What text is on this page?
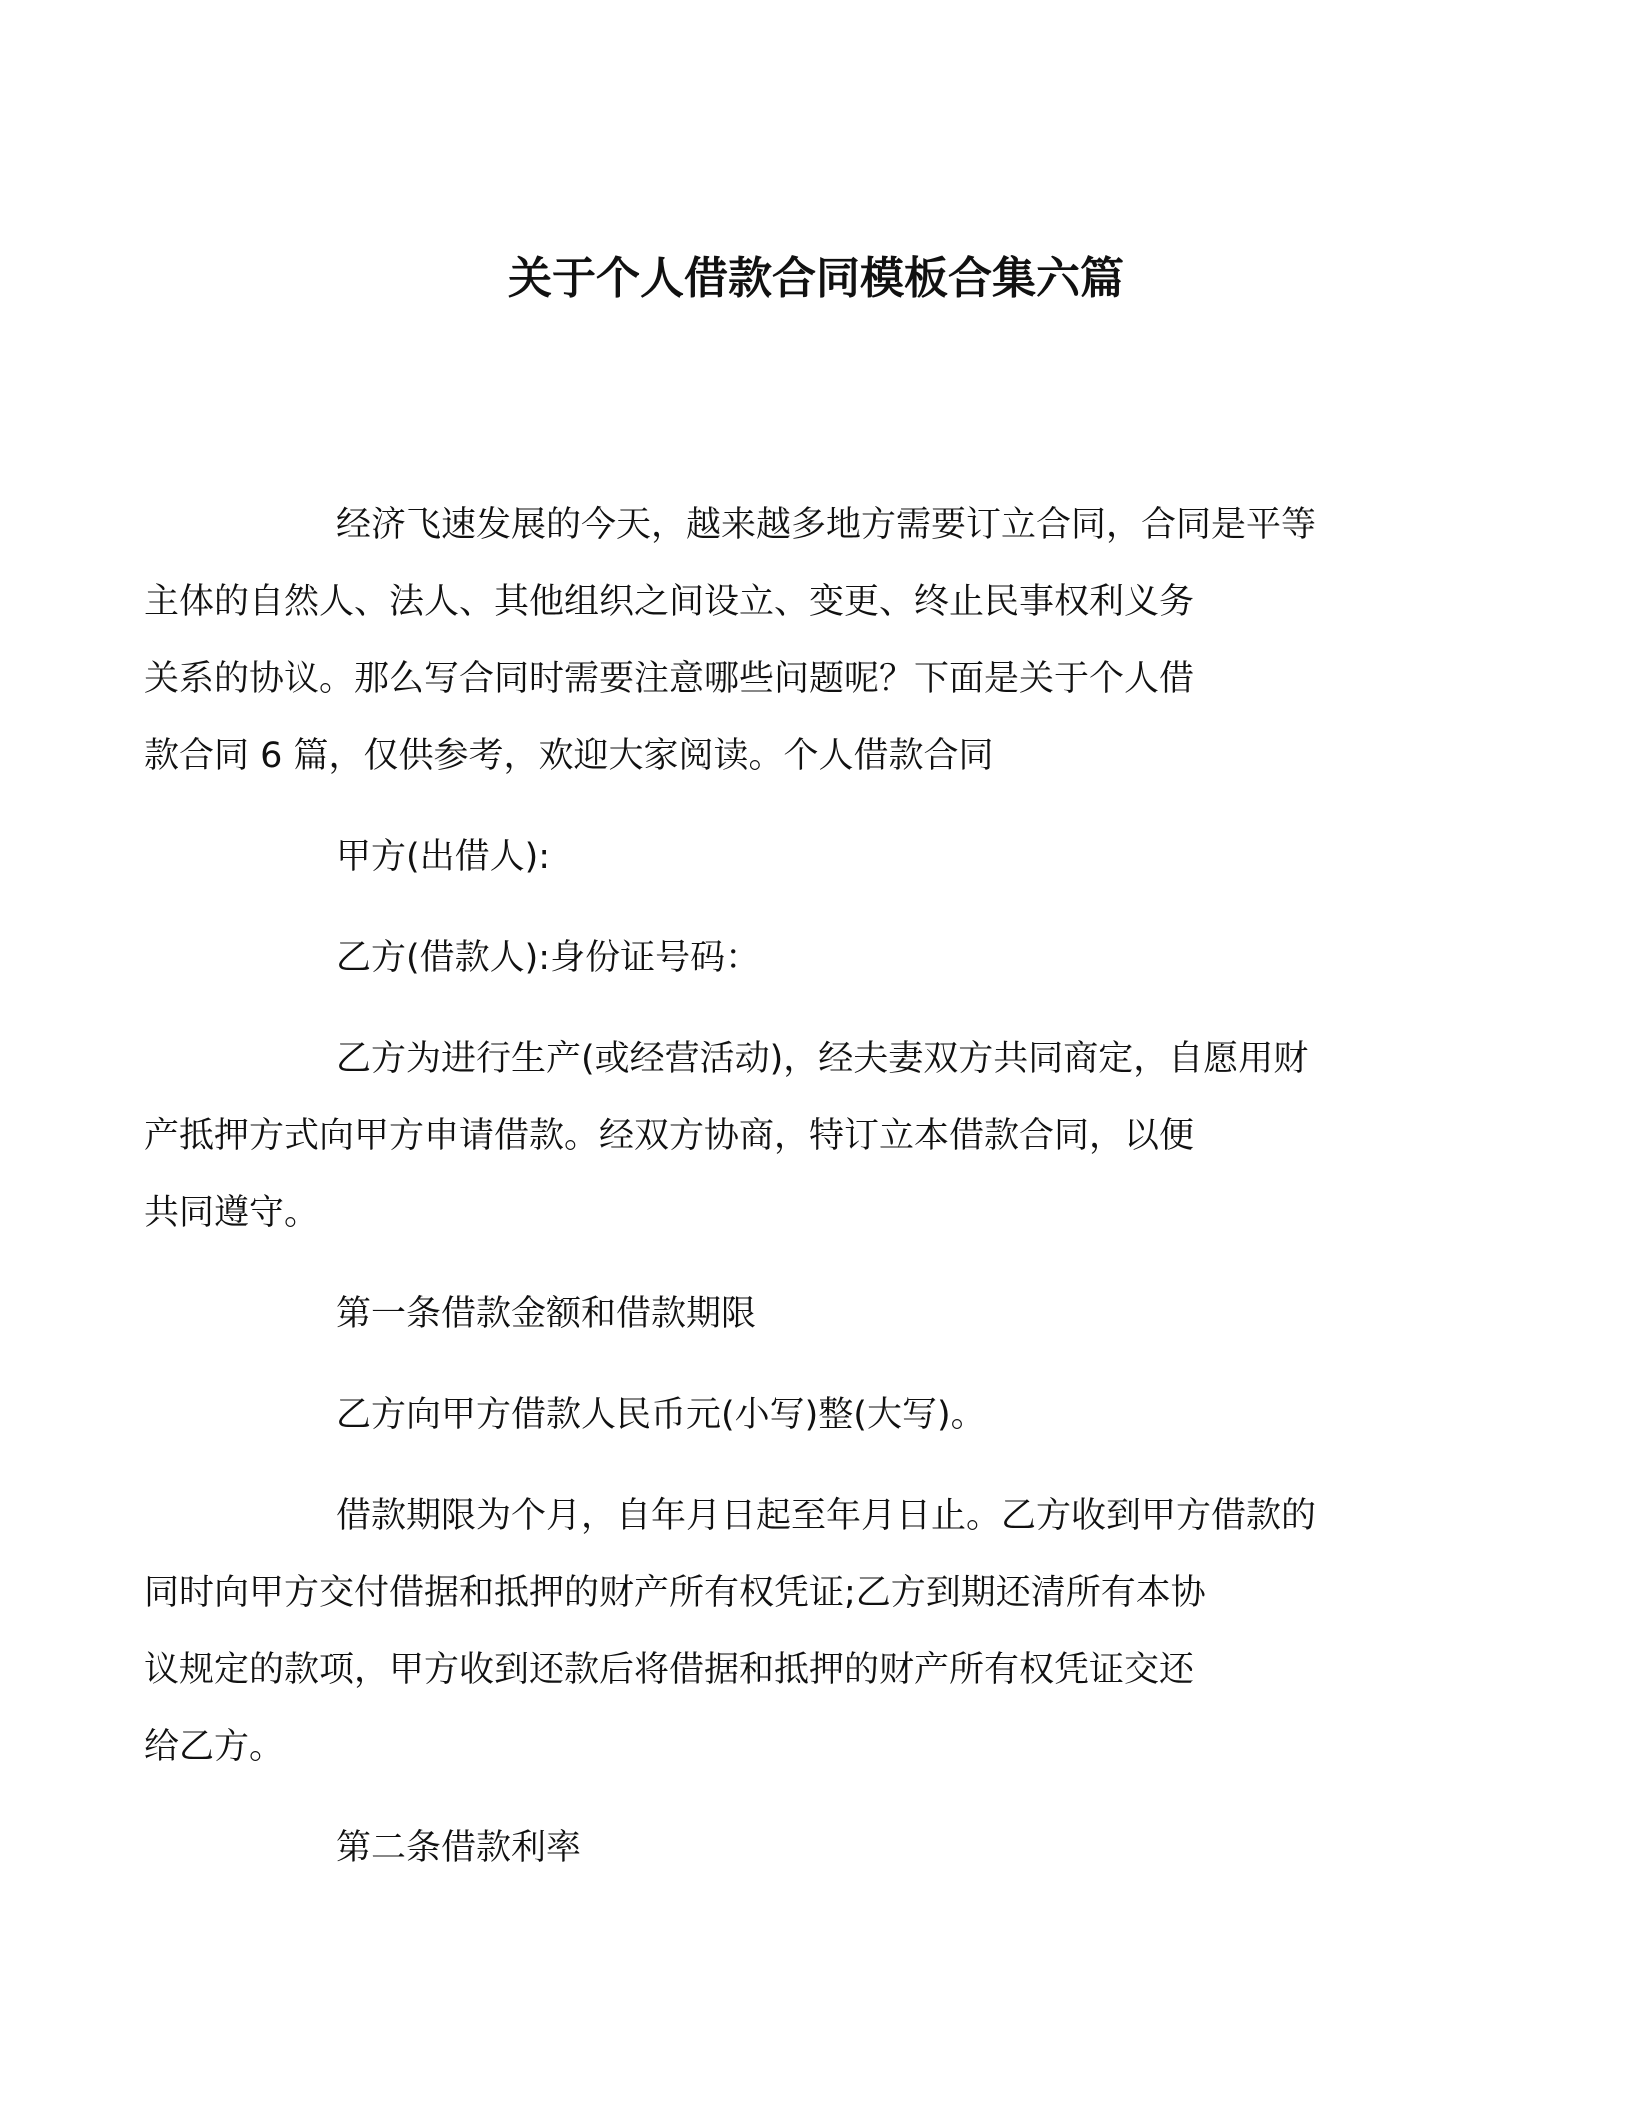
关于个人借款合同模板合集六篇

经济飞速发展的今天，越来越多地方需要订立合同，合同是平等
主体的自然人、法人、其他组织之间设立、变更、终止民事权利义务
关系的协议。那么写合同时需要注意哪些问题呢？下面是关于个人借
款合同 6 篇，仅供参考，欢迎大家阅读。个人借款合同

甲方(出借人):

乙方(借款人):身份证号码：

乙方为进行生产(或经营活动)，经夫妻双方共同商定，自愿用财
产抵押方式向甲方申请借款。经双方协商，特订立本借款合同，以便
共同遵守。

第一条借款金额和借款期限

乙方向甲方借款人民币元(小写)整(大写)。

借款期限为个月，自年月日起至年月日止。乙方收到甲方借款的
同时向甲方交付借据和抵押的财产所有权凭证;乙方到期还清所有本协
议规定的款项，甲方收到还款后将借据和抵押的财产所有权凭证交还
给乙方。

第二条借款利率
